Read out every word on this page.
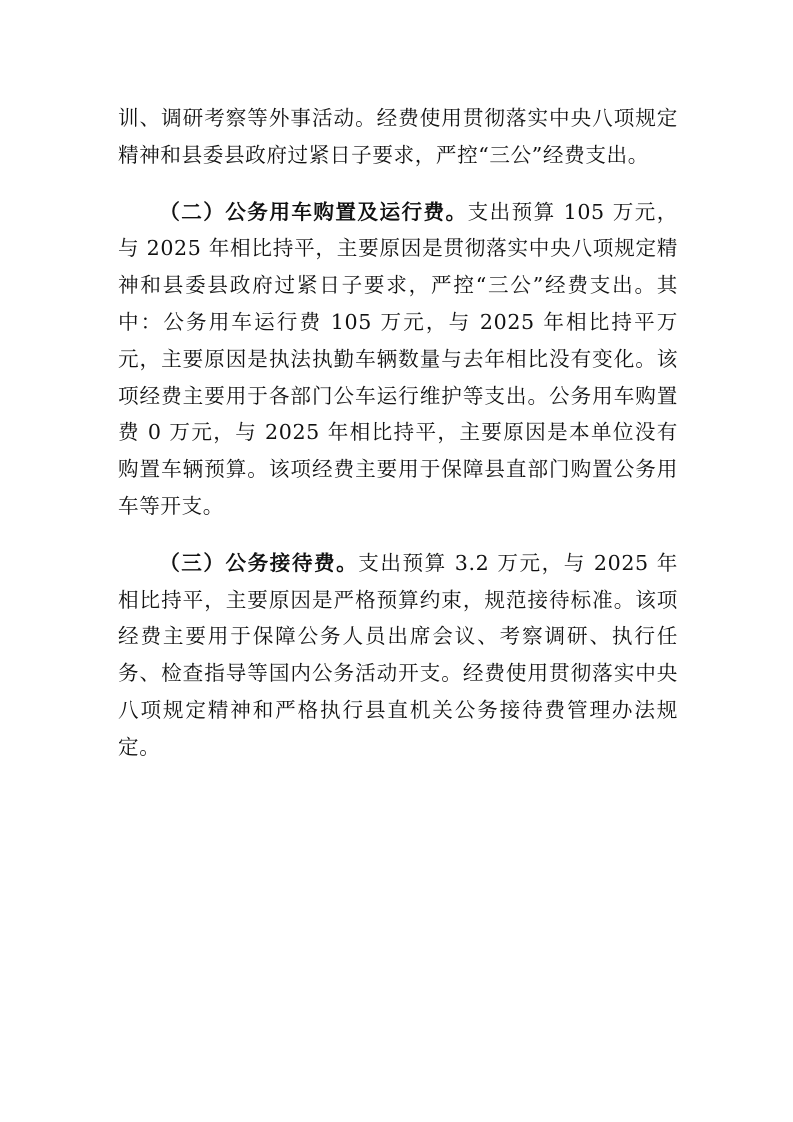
训、调研考察等外事活动。经费使用贯彻落实中央八项规定精神和县委县政府过紧日子要求，严控“三公”经费支出。

（二）公务用车购置及运行费。支出预算 105 万元，与 2025 年相比持平，主要原因是贯彻落实中央八项规定精神和县委县政府过紧日子要求，严控“三公”经费支出。其中：公务用车运行费 105 万元，与 2025 年相比持平万元，主要原因是执法执勤车辆数量与去年相比没有变化。该项经费主要用于各部门公车运行维护等支出。公务用车购置费 0 万元，与 2025 年相比持平，主要原因是本单位没有购置车辆预算。该项经费主要用于保障县直部门购置公务用车等开支。

（三）公务接待费。支出预算 3.2 万元，与 2025 年相比持平，主要原因是严格预算约束，规范接待标准。该项经费主要用于保障公务人员出席会议、考察调研、执行任务、检查指导等国内公务活动开支。经费使用贯彻落实中央八项规定精神和严格执行县直机关公务接待费管理办法规定。
